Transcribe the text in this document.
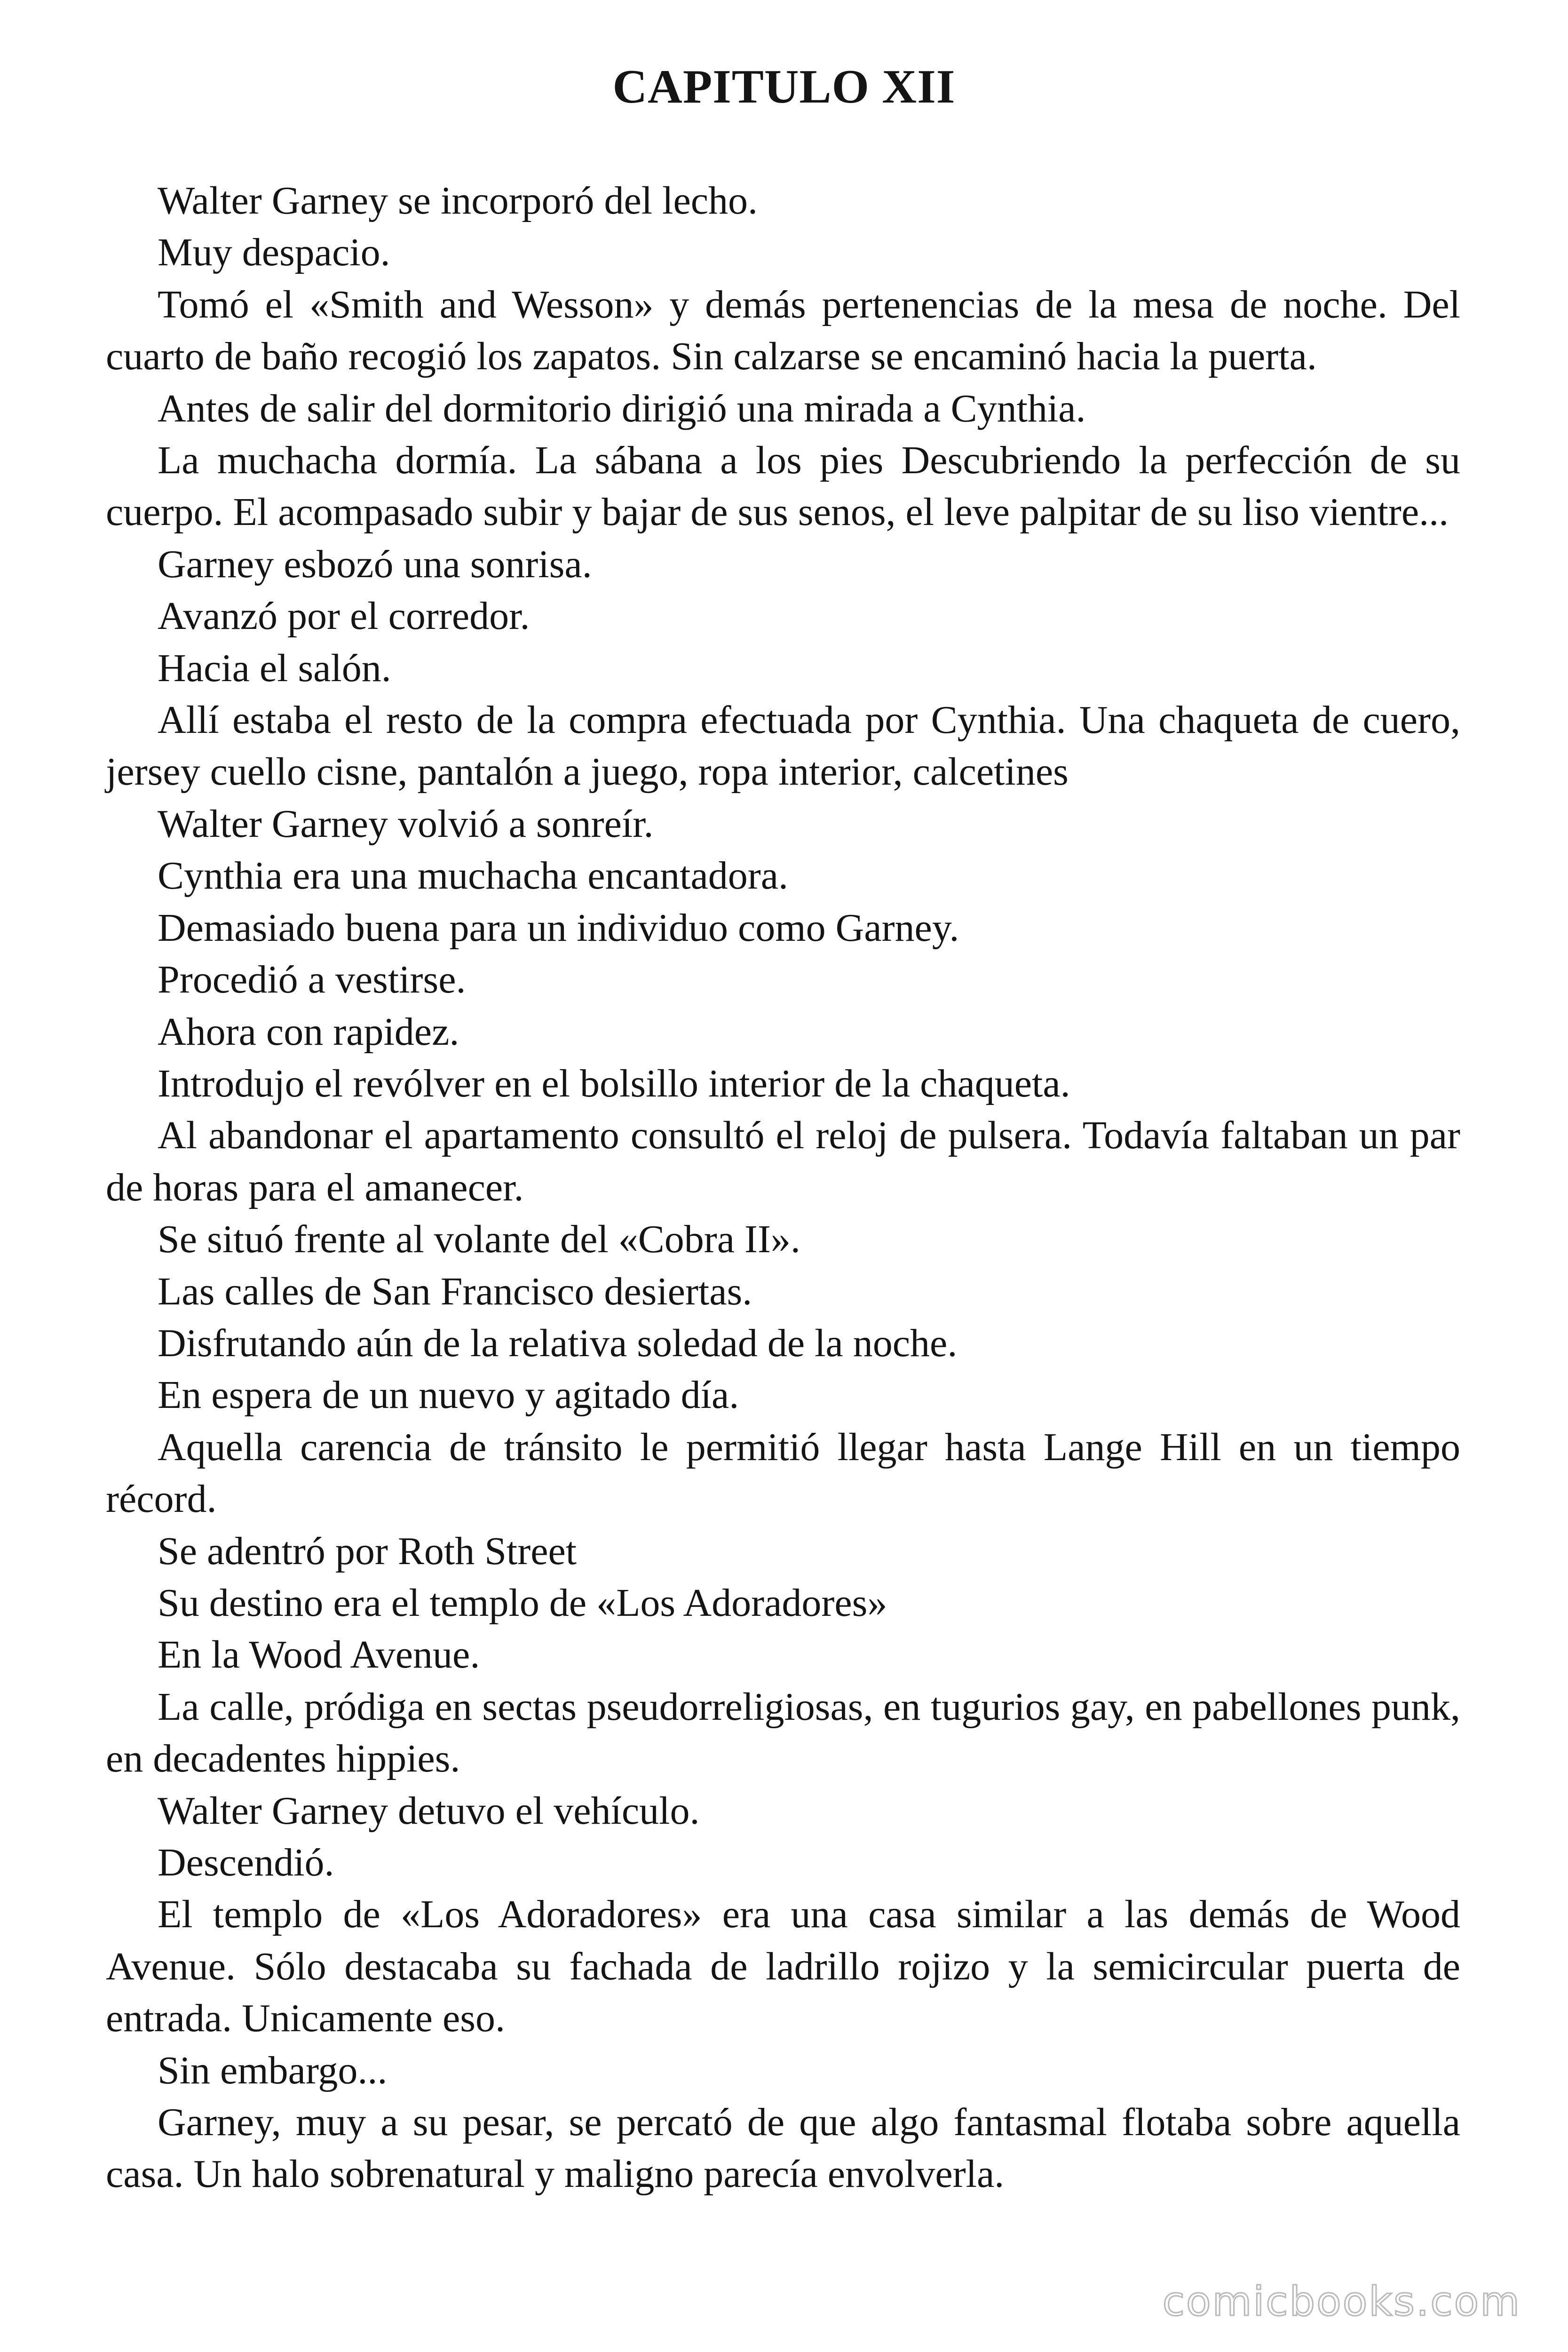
CAPITULO XII

Walter Garney se incorporó del lecho.

Muy despacio.

Tomó el «Smith and Wesson» y demás pertenencias de la mesa de noche. Del cuarto de baño recogió los zapatos. Sin calzarse se encaminó hacia la puerta.

Antes de salir del dormitorio dirigió una mirada a Cynthia.

La muchacha dormía. La sábana a los pies Descubriendo la perfección de su cuerpo. El acompasado subir y bajar de sus senos, el leve palpitar de su liso vientre...

Garney esbozó una sonrisa.

Avanzó por el corredor.

Hacia el salón.

Allí estaba el resto de la compra efectuada por Cynthia. Una chaqueta de cuero, jersey cuello cisne, pantalón a juego, ropa interior, calcetines

Walter Garney volvió a sonreír.

Cynthia era una muchacha encantadora.

Demasiado buena para un individuo como Garney.

Procedió a vestirse.

Ahora con rapidez.

Introdujo el revólver en el bolsillo interior de la chaqueta.

Al abandonar el apartamento consultó el reloj de pulsera. Todavía faltaban un par de horas para el amanecer.

Se situó frente al volante del «Cobra II».

Las calles de San Francisco desiertas.

Disfrutando aún de la relativa soledad de la noche.

En espera de un nuevo y agitado día.

Aquella carencia de tránsito le permitió llegar hasta Lange Hill en un tiempo récord.

Se adentró por Roth Street

Su destino era el templo de «Los Adoradores»

En la Wood Avenue.

La calle, pródiga en sectas pseudorreligiosas, en tugurios gay, en pabellones punk, en decadentes hippies.

Walter Garney detuvo el vehículo.

Descendió.

El templo de «Los Adoradores» era una casa similar a las demás de Wood Avenue. Sólo destacaba su fachada de ladrillo rojizo y la semicircular puerta de entrada. Unicamente eso.

Sin embargo...

Garney, muy a su pesar, se percató de que algo fantasmal flotaba sobre aquella casa. Un halo sobrenatural y maligno parecía envolverla.

comicbooks.com
